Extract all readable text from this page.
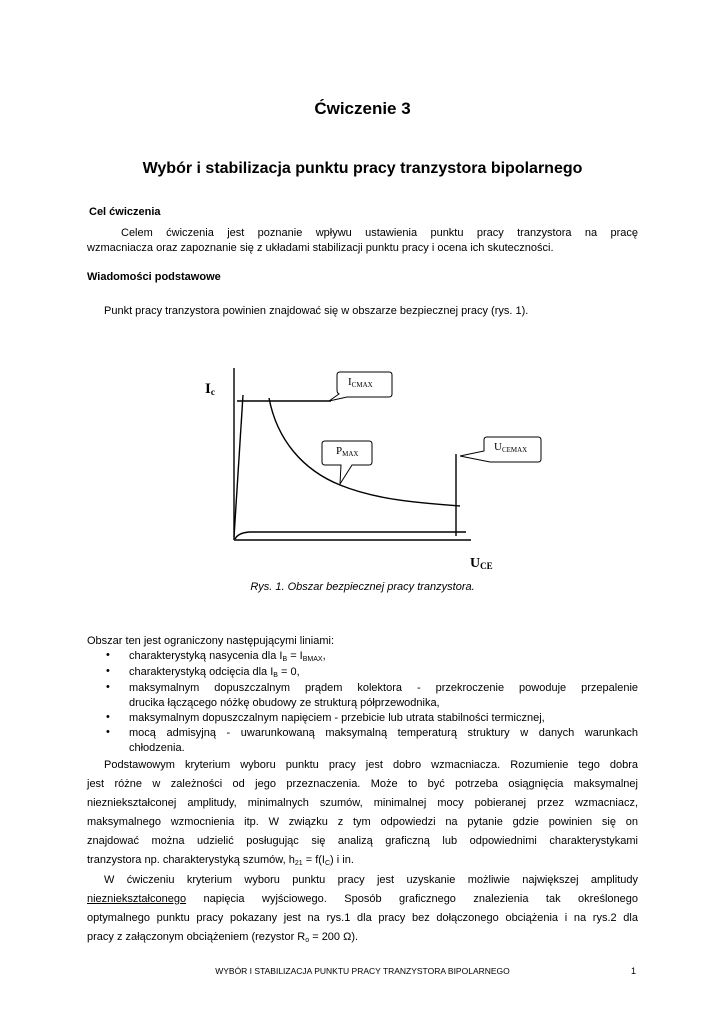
Ćwiczenie 3
Wybór i stabilizacja punktu pracy tranzystora bipolarnego
Cel ćwiczenia
Celem ćwiczenia jest poznanie wpływu ustawienia punktu pracy tranzystora na pracę
wzmacniacza oraz zapoznanie się z układami stabilizacji punktu pracy i ocena ich skuteczności.
Wiadomości podstawowe
Punkt pracy tranzystora powinien znajdować się w obszarze bezpiecznej pracy (rys. 1).
$I_c$
$U_{CE}$
$I_{CMAX}$
$P_{MAX}$
$U_{CEMAX}$
Rys. 1. Obszar bezpiecznej pracy tranzystora.
Obszar ten jest ograniczony następującymi liniami:
• charakterystyką nasycenia dla $I_B = I_{BMAX}$,
• charakterystyką odcięcia dla $I_B = 0$,
• maksymalnym dopuszczalnym prądem kolektora - przekroczenie powoduje przepalenie
drucika łączącego nóżkę obudowy ze strukturą półprzewodnika,
• maksymalnym dopuszczalnym napięciem - przebicie lub utrata stabilności termicznej,
• mocą admisyjną - uwarunkowaną maksymalną temperaturą struktury w danych warunkach
chłodzenia.
Podstawowym kryterium wyboru punktu pracy jest dobro wzmacniacza. Rozumienie tego dobra
jest różne w zależności od jego przeznaczenia. Może to być potrzeba osiągnięcia maksymalnej
niezniekształconej amplitudy, minimalnych szumów, minimalnej mocy pobieranej przez wzmacniacz,
maksymalnego wzmocnienia itp. W związku z tym odpowiedzi na pytanie gdzie powinien się on
znajdować można udzielić posługując się analizą graficzną lub odpowiednimi charakterystykami
tranzystora np. charakterystyką szumów, $h_{21} = f(I_C)$ i in.
W ćwiczeniu kryterium wyboru punktu pracy jest uzyskanie możliwie największej amplitudy
niezniekształconego napięcia wyjściowego. Sposób graficznego znalezienia tak określonego
optymalnego punktu pracy pokazany jest na rys.1 dla pracy bez dołączonego obciążenia i na rys.2 dla
pracy z załączonym obciążeniem (rezystor $R_o = 200$ Ω).
WYBÓR I STABILIZACJA PUNKTU PRACY TRANZYSTORA BIPOLARNEGO	1
